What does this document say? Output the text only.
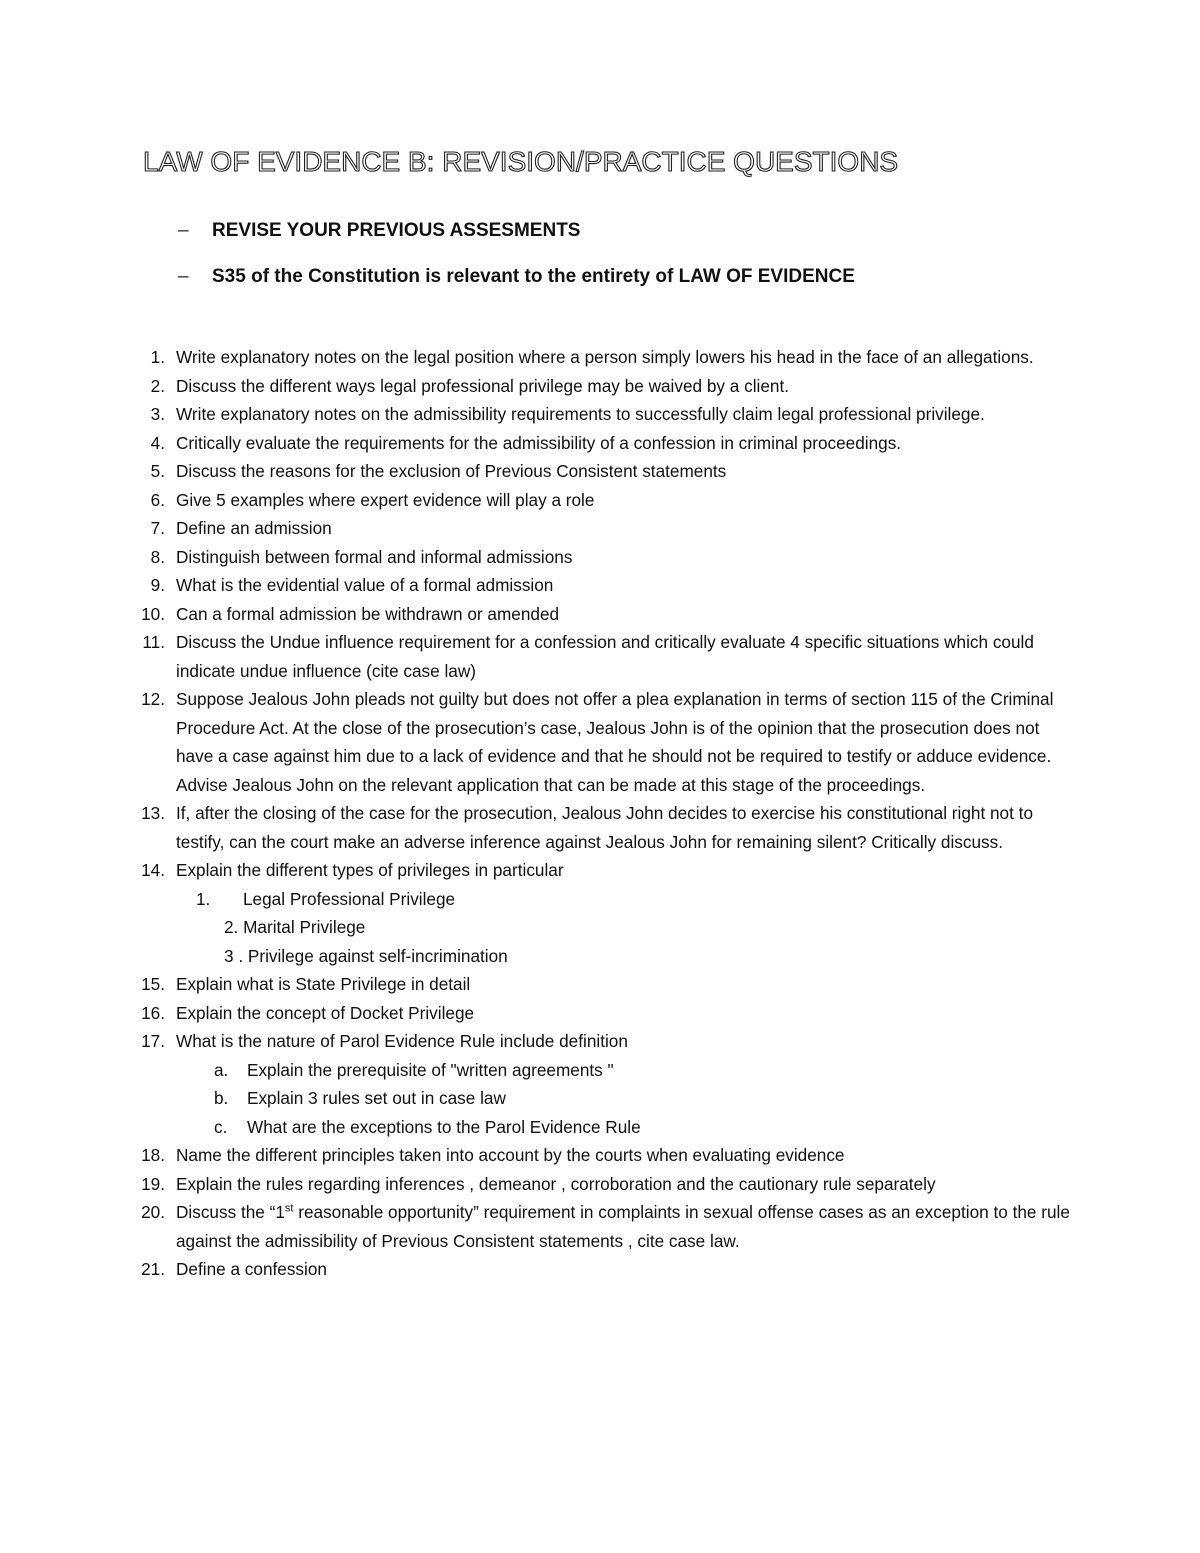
LAW OF EVIDENCE B: REVISION/PRACTICE QUESTIONS
– REVISE YOUR PREVIOUS ASSESMENTS
– S35 of the Constitution is relevant to the entirety of LAW OF EVIDENCE
1. Write explanatory notes on the legal position where a person simply lowers his head in the face of an allegations.
2. Discuss the different ways legal professional privilege may be waived by a client.
3. Write explanatory notes on the admissibility requirements to successfully claim legal professional privilege.
4. Critically evaluate the requirements for the admissibility of a confession in criminal proceedings.
5. Discuss the reasons for the exclusion of Previous Consistent statements
6. Give 5 examples where expert evidence will play a role
7. Define an admission
8. Distinguish between formal and informal admissions
9. What is the evidential value of a formal admission
10. Can a formal admission be withdrawn or amended
11. Discuss the Undue influence requirement for a confession and critically evaluate 4 specific situations which could indicate undue influence (cite case law)
12. Suppose Jealous John pleads not guilty but does not offer a plea explanation in terms of section 115 of the Criminal Procedure Act. At the close of the prosecution’s case, Jealous John is of the opinion that the prosecution does not have a case against him due to a lack of evidence and that he should not be required to testify or adduce evidence. Advise Jealous John on the relevant application that can be made at this stage of the proceedings.
13. If, after the closing of the case for the prosecution, Jealous John decides to exercise his constitutional right not to testify, can the court make an adverse inference against Jealous John for remaining silent? Critically discuss.
14. Explain the different types of privileges in particular
1. Legal Professional Privilege
2. Marital Privilege
3 . Privilege against self-incrimination
15. Explain what is State Privilege in detail
16. Explain the concept of Docket Privilege
17. What is the nature of Parol Evidence Rule include definition
a. Explain the prerequisite of "written agreements "
b. Explain 3 rules set out in case law
c. What are the exceptions to the Parol Evidence Rule
18. Name the different principles taken into account by the courts when evaluating evidence
19. Explain the rules regarding inferences , demeanor , corroboration and the cautionary rule separately
20. Discuss the “1st reasonable opportunity” requirement in complaints in sexual offense cases as an exception to the rule against the admissibility of Previous Consistent statements , cite case law.
21. Define a confession
